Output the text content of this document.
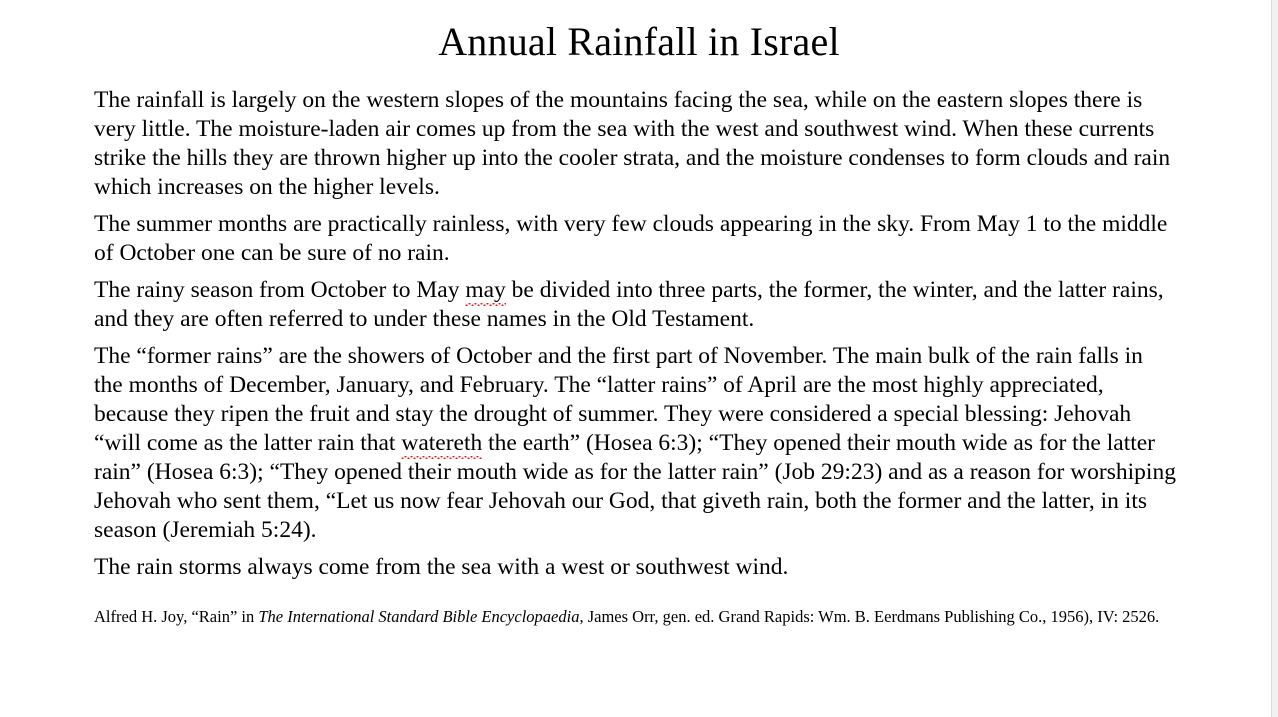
Annual Rainfall in Israel

The rainfall is largely on the western slopes of the mountains facing the sea, while on the eastern slopes there is very little. The moisture-laden air comes up from the sea with the west and southwest wind. When these currents strike the hills they are thrown higher up into the cooler strata, and the moisture condenses to form clouds and rain which increases on the higher levels.

The summer months are practically rainless, with very few clouds appearing in the sky. From May 1 to the middle of October one can be sure of no rain.

The rainy season from October to May may be divided into three parts, the former, the winter, and the latter rains, and they are often referred to under these names in the Old Testament.

The “former rains” are the showers of October and the first part of November. The main bulk of the rain falls in the months of December, January, and February. The “latter rains” of April are the most highly appreciated, because they ripen the fruit and stay the drought of summer. They were considered a special blessing: Jehovah “will come as the latter rain that watereth the earth” (Hosea 6:3); “They opened their mouth wide as for the latter rain” (Hosea 6:3); “They opened their mouth wide as for the latter rain” (Job 29:23) and as a reason for worshiping Jehovah who sent them, “Let us now fear Jehovah our God, that giveth rain, both the former and the latter, in its season (Jeremiah 5:24).

The rain storms always come from the sea with a west or southwest wind.

Alfred H. Joy, “Rain” in The International Standard Bible Encyclopaedia, James Orr, gen. ed. Grand Rapids: Wm. B. Eerdmans Publishing Co., 1956), IV: 2526.
